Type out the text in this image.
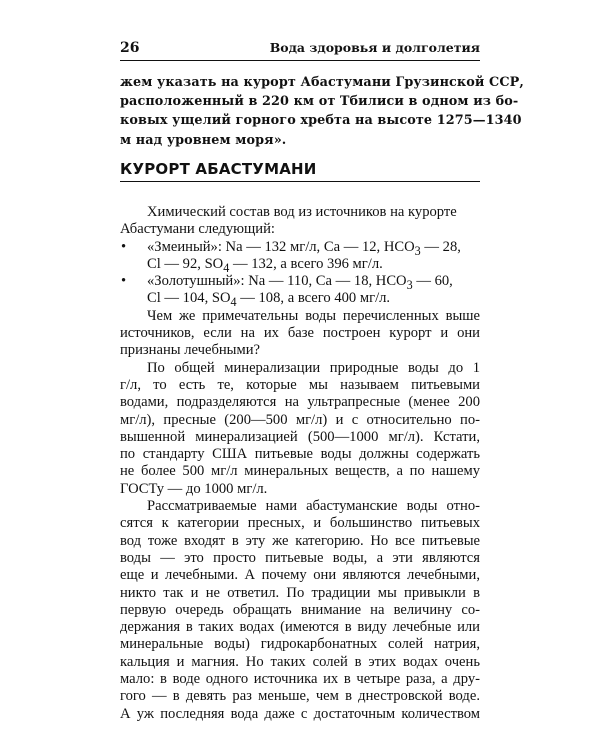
26	Вода здоровья и долголетия
жем указать на курорт Абастумани Грузинской ССР,
расположенный в 220 км от Тбилиси в одном из бо-
ковых ущелий горного хребта на высоте 1275—1340
м над уровнем моря».
КУРОРТ АБАСТУМАНИ
Химический состав вод из источников на курорте
Абастумани следующий:
• «Змеиный»: Na — 132 мг/л, Ca — 12, $HCO_3$ — 28,
Cl — 92, $SO_4$ — 132, а всего 396 мг/л.
• «Золотушный»: Na — 110, Ca — 18, $HCO_3$ — 60,
Cl — 104, $SO_4$ — 108, а всего 400 мг/л.
Чем же примечательны воды перечисленных выше
источников, если на их базе построен курорт и они
признаны лечебными?
По общей минерализации природные воды до 1
г/л, то есть те, которые мы называем питьевыми
водами, подразделяются на ультрапресные (менее 200
мг/л), пресные (200—500 мг/л) и с относительно по-
вышенной минерализацией (500—1000 мг/л). Кстати,
по стандарту США питьевые воды должны содержать
не более 500 мг/л минеральных веществ, а по нашему
ГОСТу — до 1000 мг/л.
Рассматриваемые нами абастуманские воды отно-
сятся к категории пресных, и большинство питьевых
вод тоже входят в эту же категорию. Но все питьевые
воды — это просто питьевые воды, а эти являются
еще и лечебными. А почему они являются лечебными,
никто так и не ответил. По традиции мы привыкли в
первую очередь обращать внимание на величину со-
держания в таких водах (имеются в виду лечебные или
минеральные воды) гидрокарбонатных солей натрия,
кальция и магния. Но таких солей в этих водах очень
мало: в воде одного источника их в четыре раза, а дру-
гого — в девять раз меньше, чем в днестровской воде.
А уж последняя вода даже с достаточным количеством
